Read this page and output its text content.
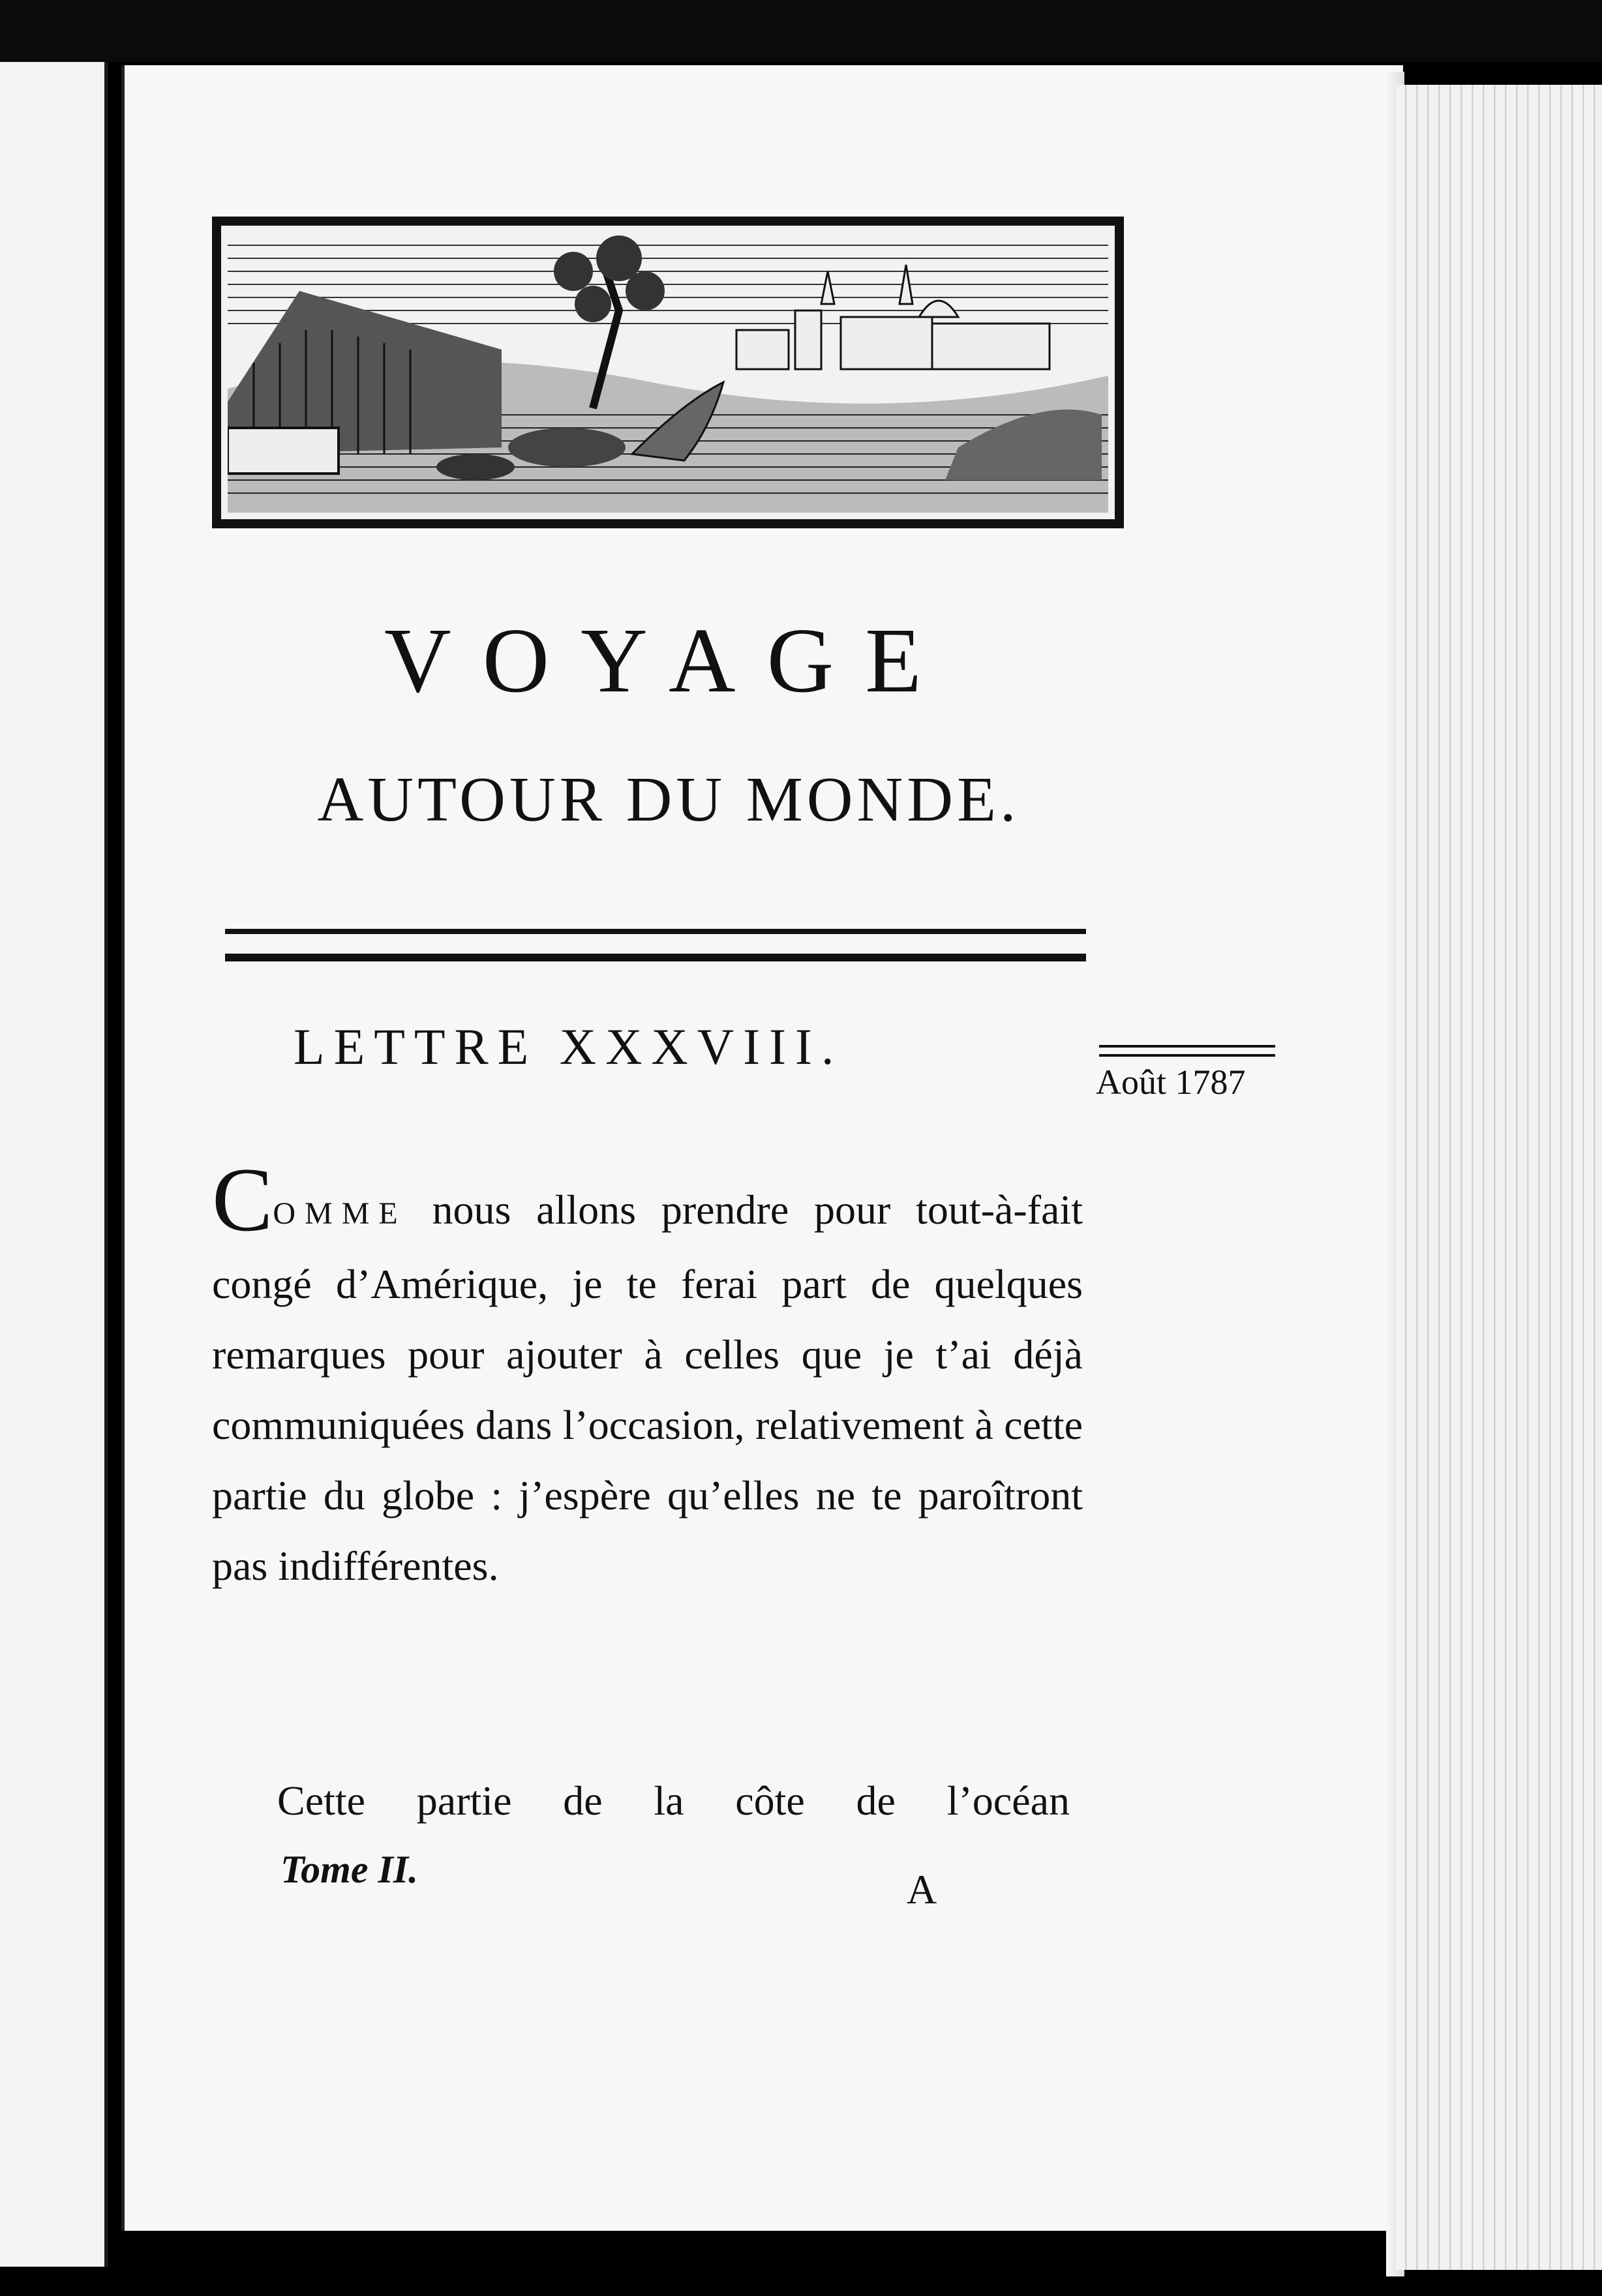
VOYAGE
AUTOUR DU MONDE.
LETTRE XXXVIII.
Août 1787
COMME nous allons prendre pour tout-à-fait congé d’Amérique, je te ferai part de quelques remarques pour ajouter à celles que je t’ai déjà communiquées dans l’occasion, relativement à cette partie du globe : j’espère qu’elles ne te paroîtront pas indifférentes.
Cette partie de la côte de l’océan
Tome II.	A
